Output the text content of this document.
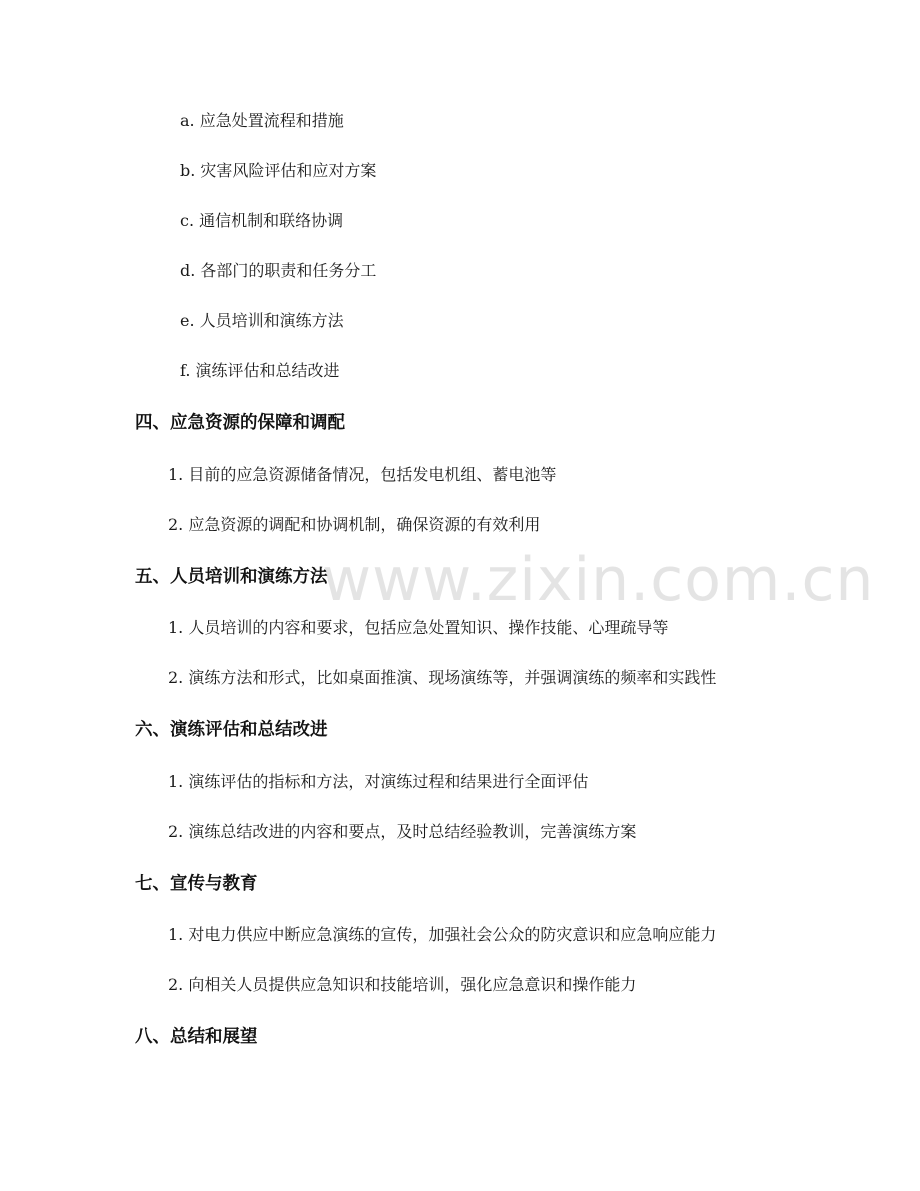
www.zixin.com.cn
a. 应急处置流程和措施
b. 灾害风险评估和应对方案
c. 通信机制和联络协调
d. 各部门的职责和任务分工
e. 人员培训和演练方法
f. 演练评估和总结改进
四、应急资源的保障和调配
1. 目前的应急资源储备情况，包括发电机组、蓄电池等
2. 应急资源的调配和协调机制，确保资源的有效利用
五、人员培训和演练方法
1. 人员培训的内容和要求，包括应急处置知识、操作技能、心理疏导等
2. 演练方法和形式，比如桌面推演、现场演练等，并强调演练的频率和实践性
六、演练评估和总结改进
1. 演练评估的指标和方法，对演练过程和结果进行全面评估
2. 演练总结改进的内容和要点，及时总结经验教训，完善演练方案
七、宣传与教育
1. 对电力供应中断应急演练的宣传，加强社会公众的防灾意识和应急响应能力
2. 向相关人员提供应急知识和技能培训，强化应急意识和操作能力
八、总结和展望
